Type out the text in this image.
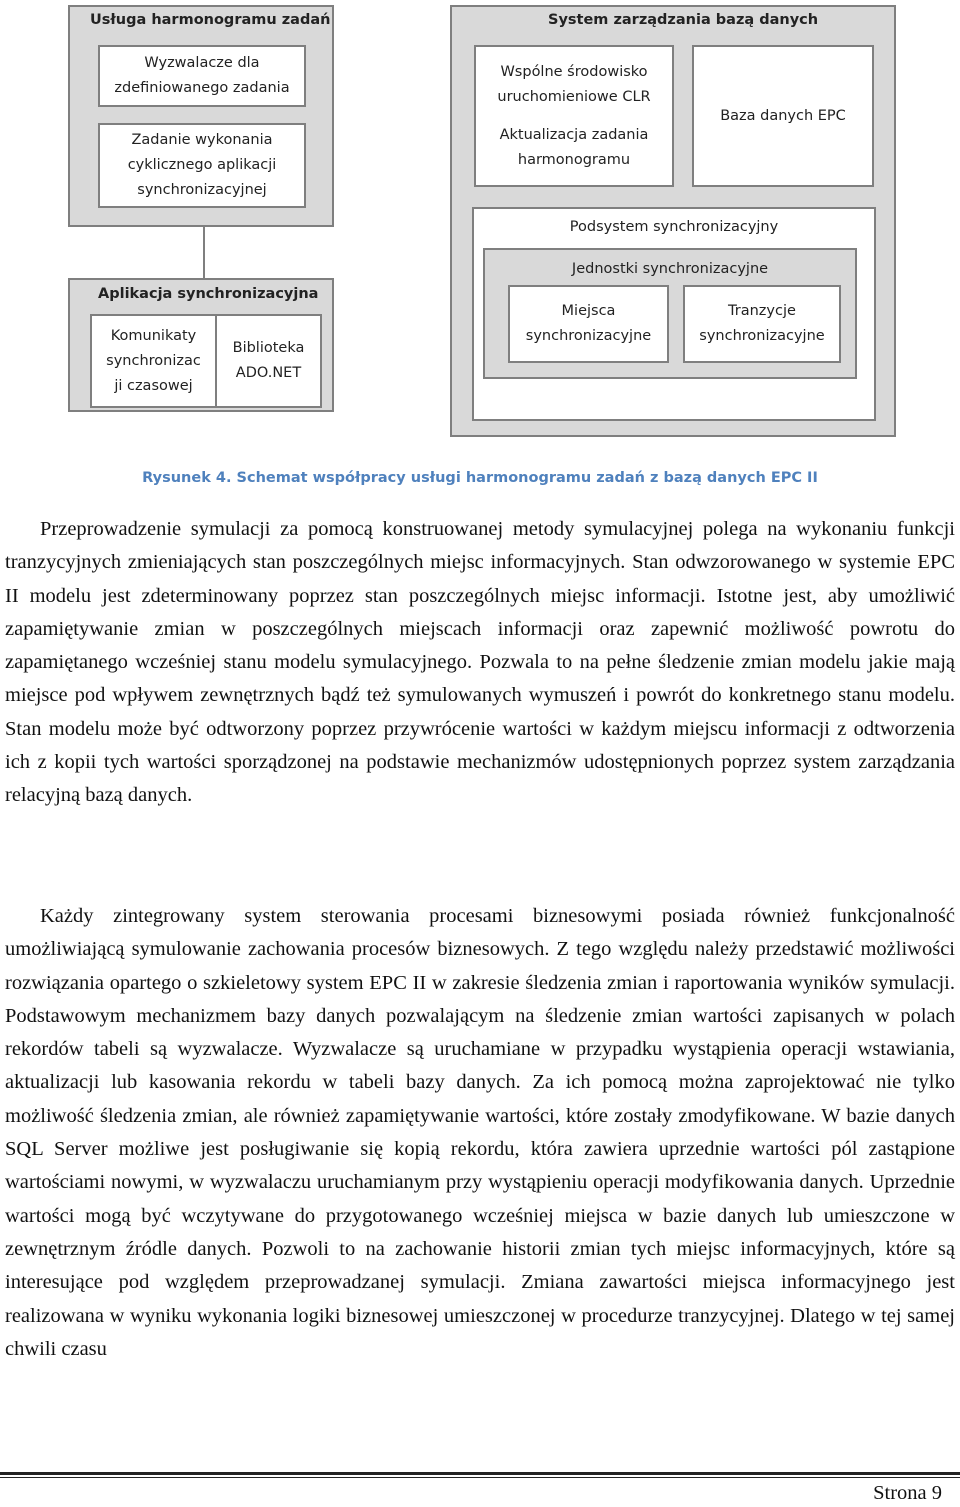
Usługa harmonogramu zadań
Wyzwalacze dla zdefiniowanego zadania
Zadanie wykonania cyklicznego aplikacji synchronizacyjnej
Aplikacja synchronizacyjna
Komunikaty synchronizac ji czasowej
Biblioteka ADO.NET
System zarządzania bazą danych
Wspólne środowisko uruchomieniowe CLR
Aktualizacja zadania harmonogramu
Baza danych EPC
Podsystem synchronizacyjny
Jednostki synchronizacyjne
Miejsca synchronizacyjne
Tranzycje synchronizacyjne
Rysunek 4. Schemat współpracy usługi harmonogramu zadań z bazą danych EPC II

Przeprowadzenie symulacji za pomocą konstruowanej metody symulacyjnej polega na wykonaniu funkcji tranzycyjnych zmieniających stan poszczególnych miejsc informacyjnych. Stan odwzorowanego w systemie EPC II modelu jest zdeterminowany poprzez stan poszczególnych miejsc informacji. Istotne jest, aby umożliwić zapamiętywanie zmian w poszczególnych miejscach informacji oraz zapewnić możliwość powrotu do zapamiętanego wcześniej stanu modelu symulacyjnego. Pozwala to na pełne śledzenie zmian modelu jakie mają miejsce pod wpływem zewnętrznych bądź też symulowanych wymuszeń i powrót do konkretnego stanu modelu. Stan modelu może być odtworzony poprzez przywrócenie wartości w każdym miejscu informacji z odtworzenia ich z kopii tych wartości sporządzonej na podstawie mechanizmów udostępnionych poprzez system zarządzania relacyjną bazą danych.

Każdy zintegrowany system sterowania procesami biznesowymi posiada również funkcjonalność umożliwiającą symulowanie zachowania procesów biznesowych. Z tego względu należy przedstawić możliwości rozwiązania opartego o szkieletowy system EPC II w zakresie śledzenia zmian i raportowania wyników symulacji. Podstawowym mechanizmem bazy danych pozwalającym na śledzenie zmian wartości zapisanych w polach rekordów tabeli są wyzwalacze. Wyzwalacze są uruchamiane w przypadku wystąpienia operacji wstawiania, aktualizacji lub kasowania rekordu w tabeli bazy danych. Za ich pomocą można zaprojektować nie tylko możliwość śledzenia zmian, ale również zapamiętywanie wartości, które zostały zmodyfikowane. W bazie danych SQL Server możliwe jest posługiwanie się kopią rekordu, która zawiera uprzednie wartości pól zastąpione wartościami nowymi, w wyzwalaczu uruchamianym przy wystąpieniu operacji modyfikowania danych. Uprzednie wartości mogą być wczytywane do przygotowanego wcześniej miejsca w bazie danych lub umieszczone w zewnętrznym źródle danych. Pozwoli to na zachowanie historii zmian tych miejsc informacyjnych, które są interesujące pod względem przeprowadzanej symulacji. Zmiana zawartości miejsca informacyjnego jest realizowana w wyniku wykonania logiki biznesowej umieszczonej w procedurze tranzycyjnej. Dlatego w tej samej chwili czasu

Strona 9
